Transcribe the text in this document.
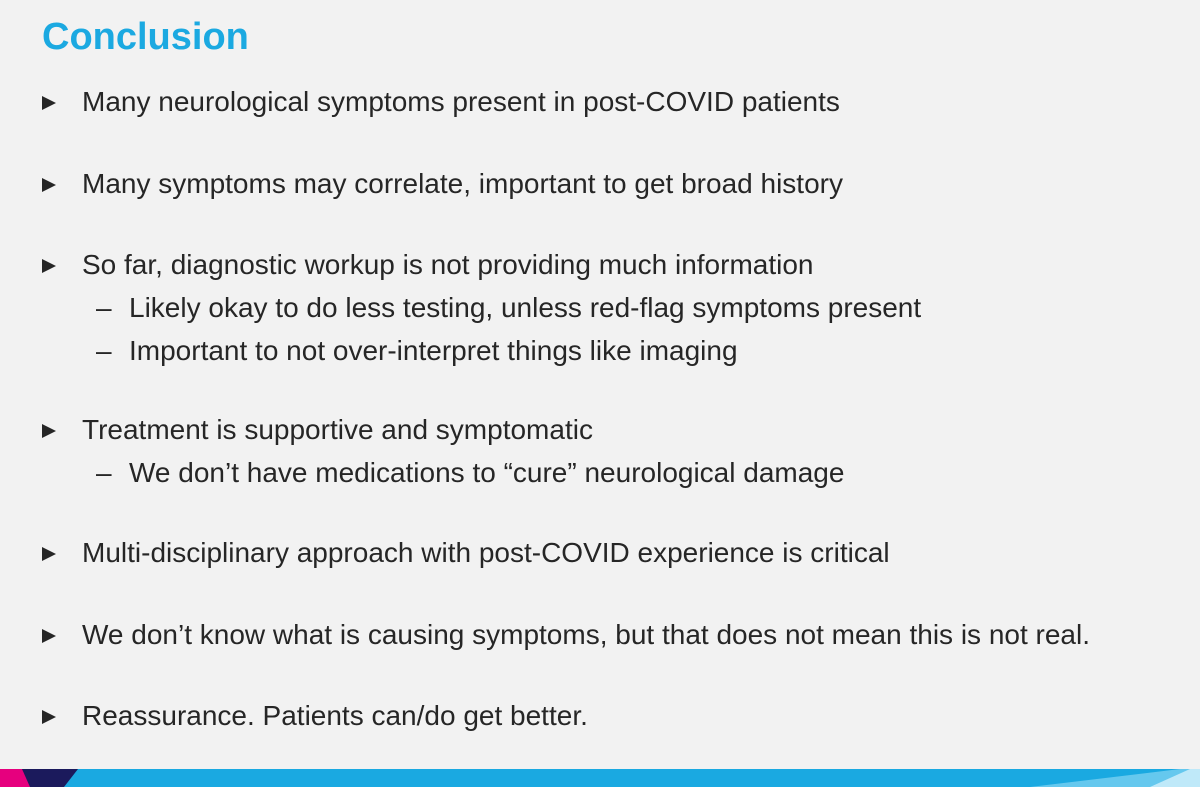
Conclusion
Many neurological symptoms present in post-COVID patients
Many symptoms may correlate, important to get broad history
So far, diagnostic workup is not providing much information
– Likely okay to do less testing, unless red-flag symptoms present
– Important to not over-interpret things like imaging
Treatment is supportive and symptomatic
– We don’t have medications to “cure” neurological damage
Multi-disciplinary approach with post-COVID experience is critical
We don’t know what is causing symptoms, but that does not mean this is not real.
Reassurance. Patients can/do get better.
